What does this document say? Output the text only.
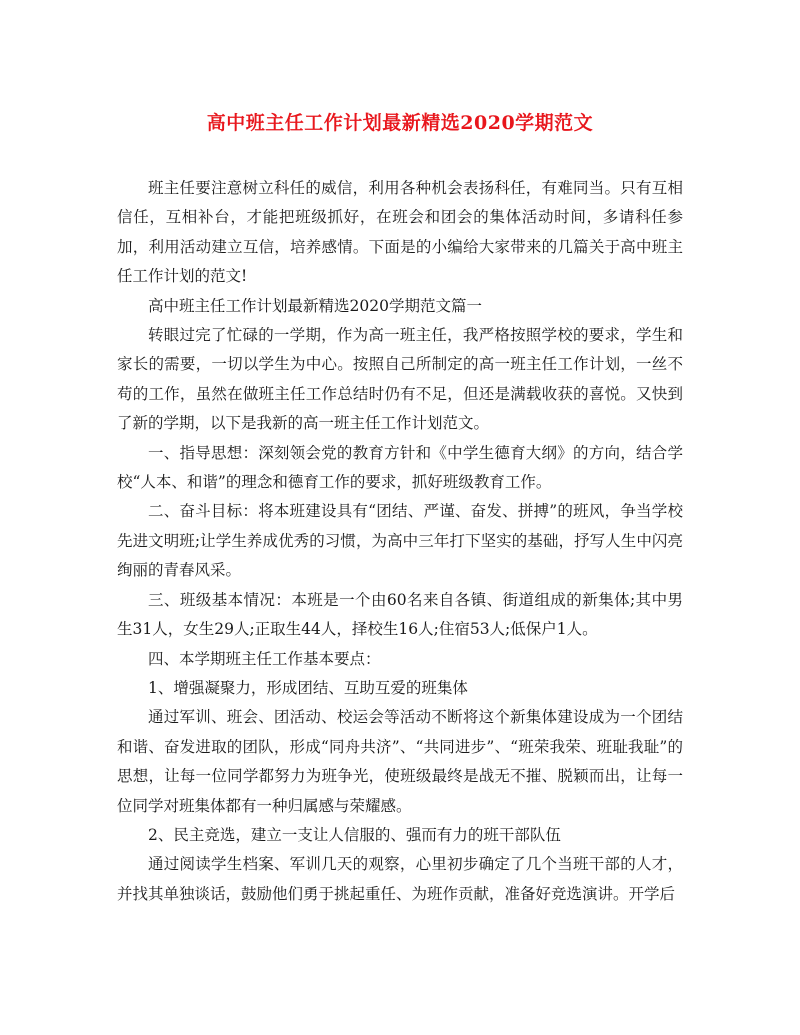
高中班主任工作计划最新精选2020学期范文

班主任要注意树立科任的威信，利用各种机会表扬科任，有难同当。只有互相信任，互相补台，才能把班级抓好，在班会和团会的集体活动时间，多请科任参加，利用活动建立互信，培养感情。下面是的小编给大家带来的几篇关于高中班主任工作计划的范文!

高中班主任工作计划最新精选2020学期范文篇一

转眼过完了忙碌的一学期，作为高一班主任，我严格按照学校的要求，学生和家长的需要，一切以学生为中心。按照自己所制定的高一班主任工作计划，一丝不苟的工作，虽然在做班主任工作总结时仍有不足，但还是满载收获的喜悦。又快到了新的学期，以下是我新的高一班主任工作计划范文。

一、指导思想：深刻领会党的教育方针和《中学生德育大纲》的方向，结合学校“人本、和谐”的理念和德育工作的要求，抓好班级教育工作。

二、奋斗目标：将本班建设具有“团结、严谨、奋发、拼搏”的班风，争当学校先进文明班;让学生养成优秀的习惯，为高中三年打下坚实的基础，抒写人生中闪亮绚丽的青春风采。

三、班级基本情况：本班是一个由60名来自各镇、街道组成的新集体;其中男生31人，女生29人;正取生44人，择校生16人;住宿53人;低保户1人。

四、本学期班主任工作基本要点：

1、增强凝聚力，形成团结、互助互爱的班集体

通过军训、班会、团活动、校运会等活动不断将这个新集体建设成为一个团结和谐、奋发进取的团队，形成“同舟共济”、“共同进步”、“班荣我荣、班耻我耻”的思想，让每一位同学都努力为班争光，使班级最终是战无不摧、脱颖而出，让每一位同学对班集体都有一种归属感与荣耀感。

2、民主竞选，建立一支让人信服的、强而有力的班干部队伍

通过阅读学生档案、军训几天的观察，心里初步确定了几个当班干部的人才，并找其单独谈话，鼓励他们勇于挑起重任、为班作贡献，准备好竞选演讲。开学后
